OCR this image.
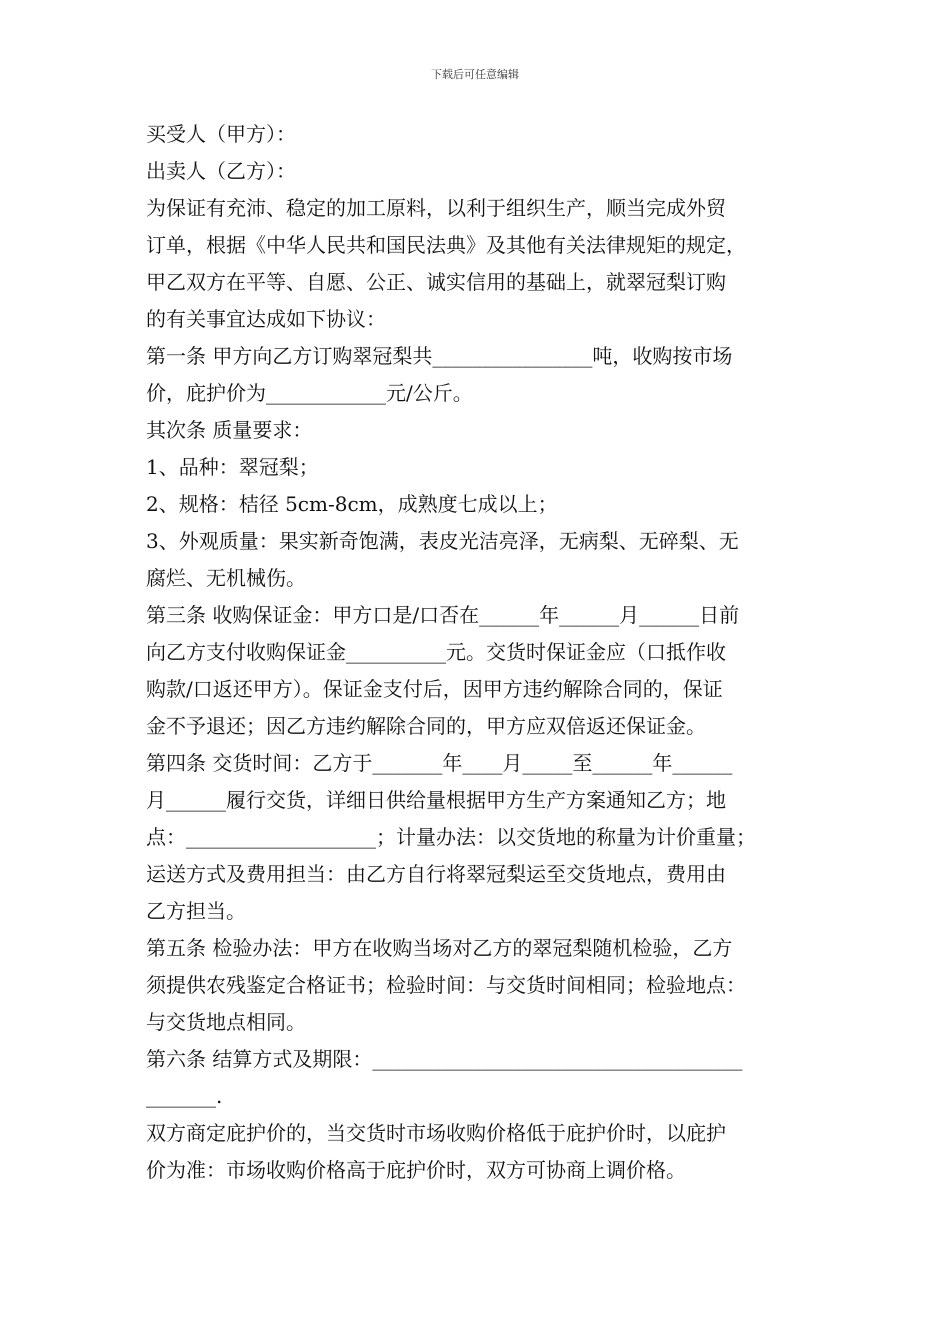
下载后可任意编辑

买受人（甲方）：

出卖人（乙方）：

为保证有充沛、稳定的加工原料，以利于组织生产，顺当完成外贸

订单，根据《中华人民共和国民法典》及其他有关法律规矩的规定，

甲乙双方在平等、自愿、公正、诚实信用的基础上，就翠冠梨订购

的有关事宜达成如下协议：

第一条 甲方向乙方订购翠冠梨共________________吨，收购按市场

价，庇护价为____________元/公斤。

其次条 质量要求：

1、品种：翠冠梨；

2、规格：桔径 5cm-8cm，成熟度七成以上；

3、外观质量：果实新奇饱满，表皮光洁亮泽，无病梨、无碎梨、无

腐烂、无机械伤。

第三条 收购保证金：甲方口是/口否在______年______月______日前

向乙方支付收购保证金__________元。交货时保证金应（口抵作收

购款/口返还甲方）。保证金支付后，因甲方违约解除合同的，保证

金不予退还；因乙方违约解除合同的，甲方应双倍返还保证金。

第四条 交货时间：乙方于_______年____月_____至______年______

月______履行交货，详细日供给量根据甲方生产方案通知乙方；地

点：___________________；计量办法：以交货地的称量为计价重量；

运送方式及费用担当：由乙方自行将翠冠梨运至交货地点，费用由

乙方担当。

第五条 检验办法：甲方在收购当场对乙方的翠冠梨随机检验，乙方

须提供农残鉴定合格证书；检验时间：与交货时间相同；检验地点：

与交货地点相同。

第六条 结算方式及期限：_____________________________________

_______.

双方商定庇护价的，当交货时市场收购价格低于庇护价时，以庇护

价为准：市场收购价格高于庇护价时，双方可协商上调价格。
